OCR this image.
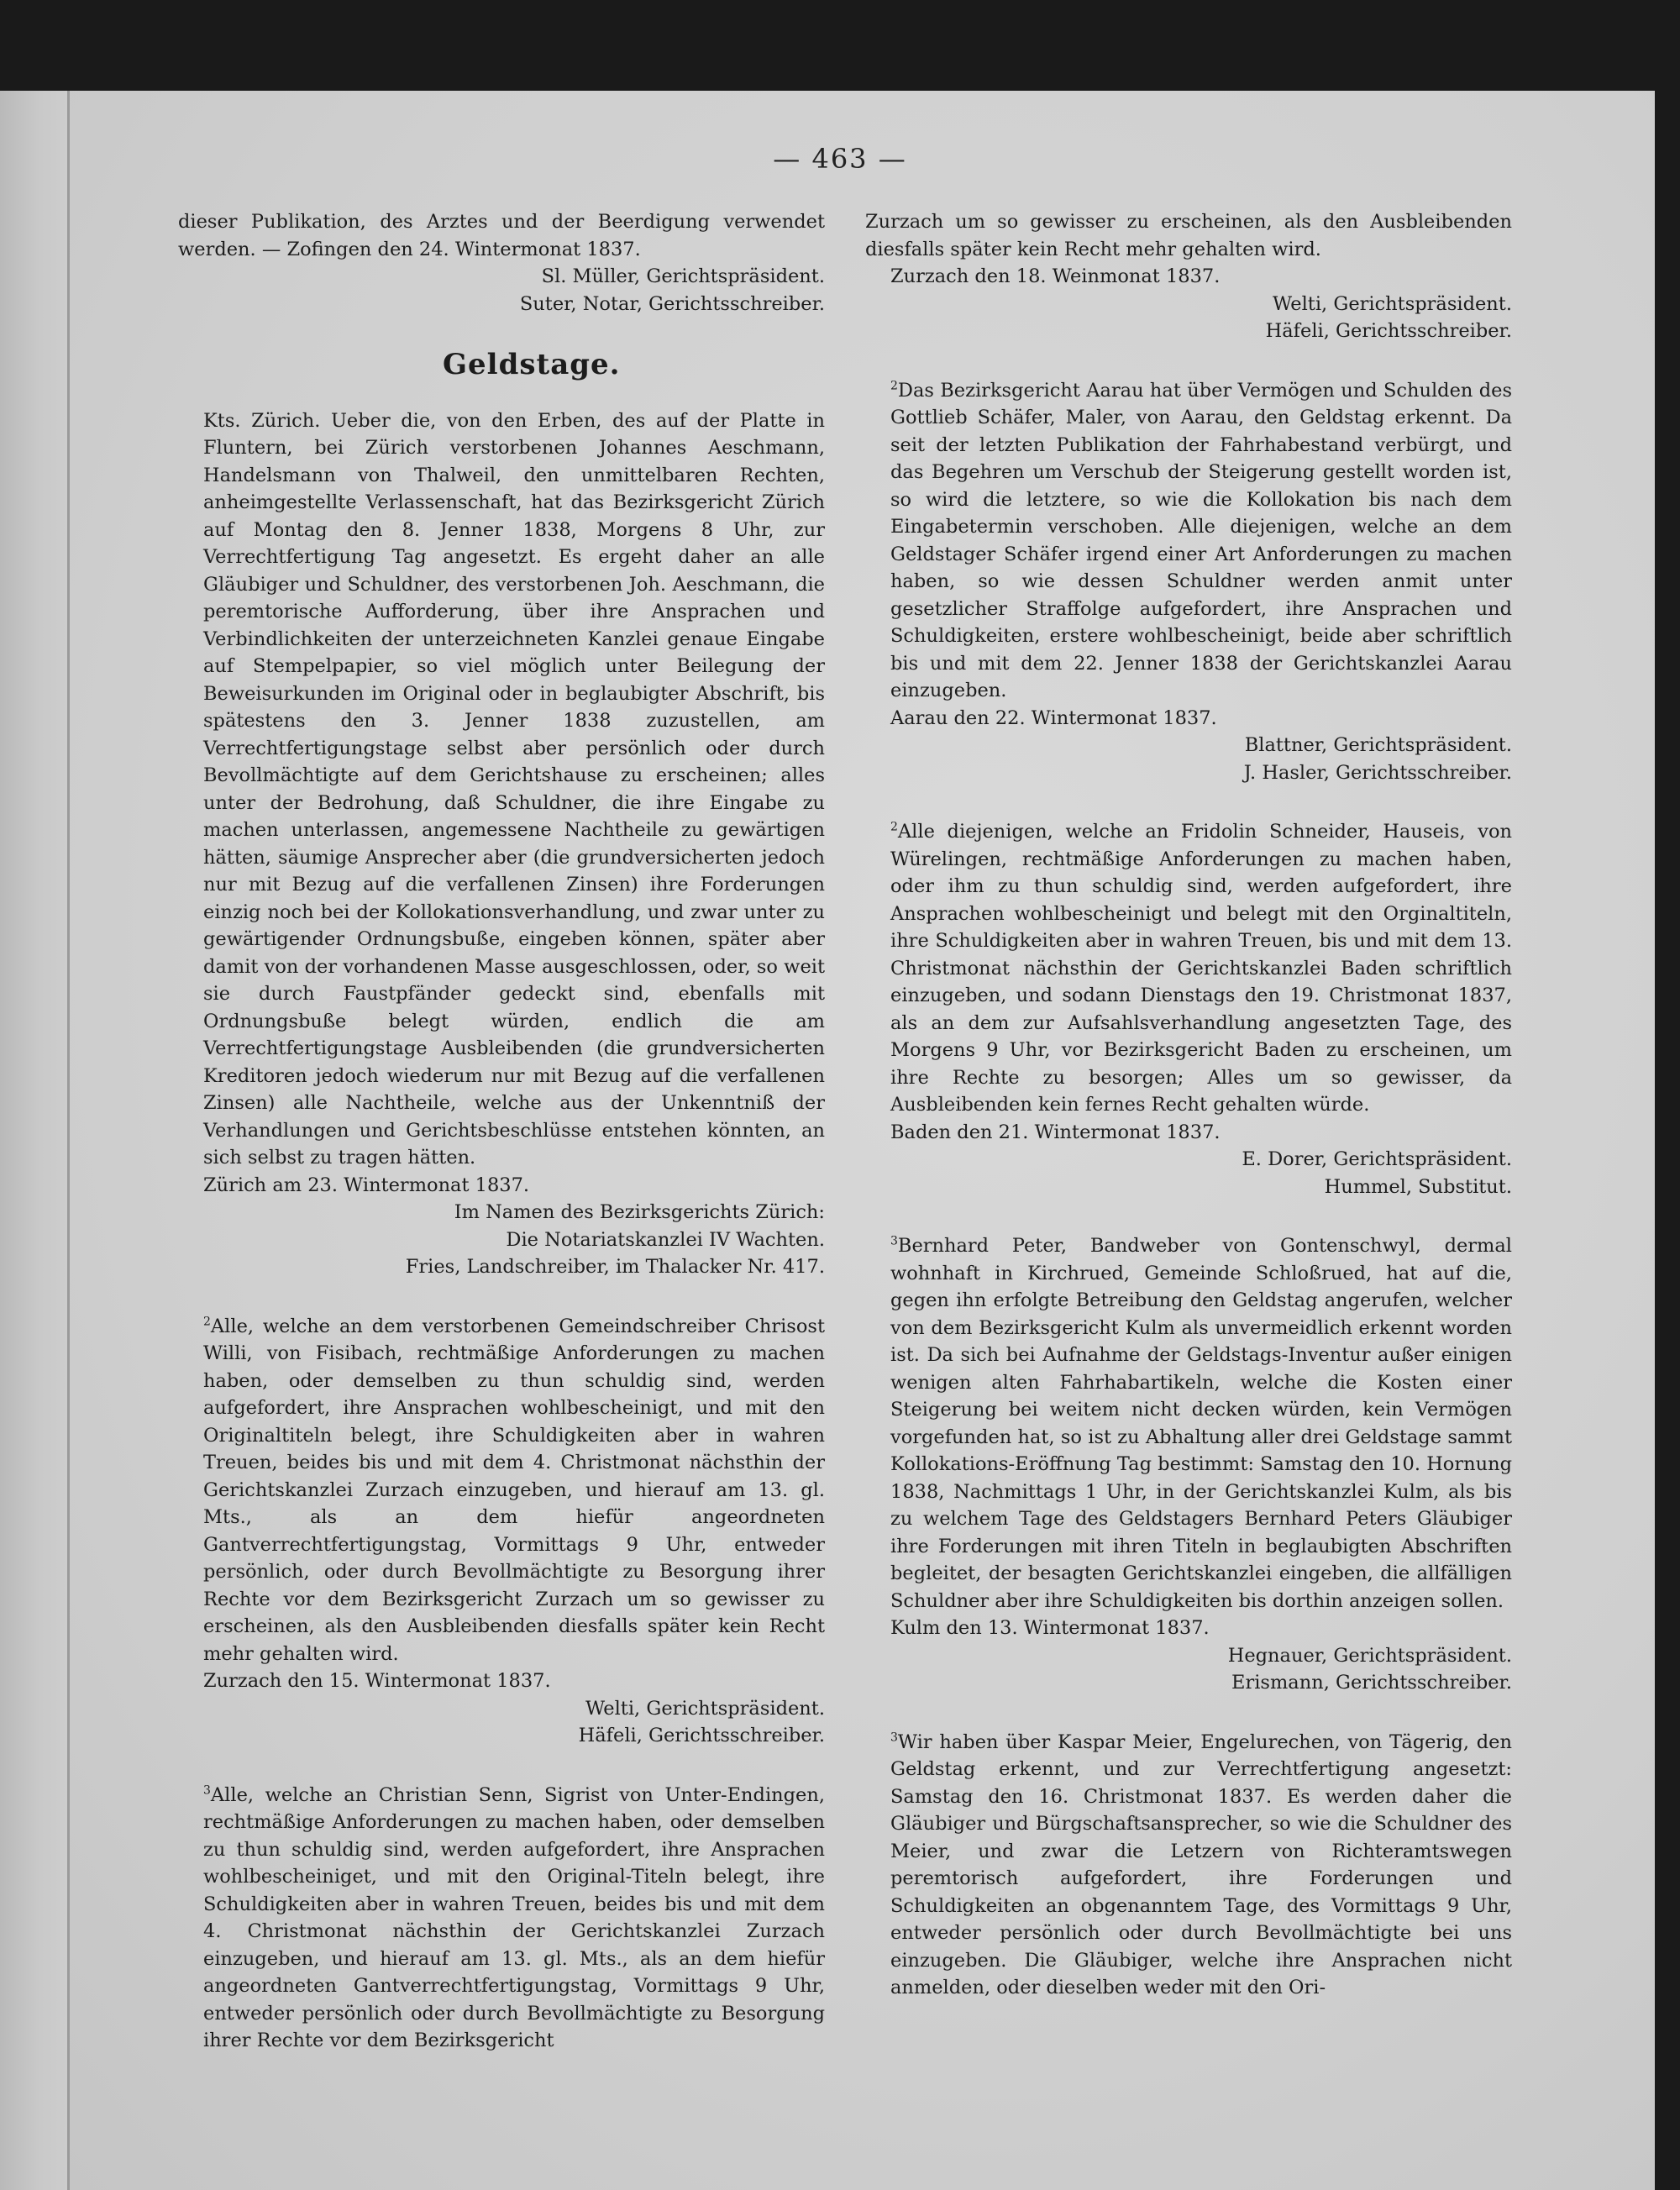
— 463 —

dieser Publikation, des Arztes und der Beerdigung verwendet werden. — Zofingen den 24. Wintermonat 1837.

Sl. Müller, Gerichtspräsident.

Suter, Notar, Gerichtsschreiber.

Geldstage.

Kts. Zürich. Ueber die, von den Erben, des auf der Platte in Fluntern, bei Zürich verstorbenen Johannes Aeschmann, Handelsmann von Thalweil, den unmittelbaren Rechten, anheimgestellte Verlassenschaft, hat das Bezirksgericht Zürich auf Montag den 8. Jenner 1838, Morgens 8 Uhr, zur Verrechtfertigung Tag angesetzt. Es ergeht daher an alle Gläubiger und Schuldner, des verstorbenen Joh. Aeschmann, die peremtorische Aufforderung, über ihre Ansprachen und Verbindlichkeiten der unterzeichneten Kanzlei genaue Eingabe auf Stempelpapier, so viel möglich unter Beilegung der Beweisurkunden im Original oder in beglaubigter Abschrift, bis spätestens den 3. Jenner 1838 zuzustellen, am Verrechtfertigungstage selbst aber persönlich oder durch Bevollmächtigte auf dem Gerichtshause zu erscheinen; alles unter der Bedrohung, daß Schuldner, die ihre Eingabe zu machen unterlassen, angemessene Nachtheile zu gewärtigen hätten, säumige Ansprecher aber (die grundversicherten jedoch nur mit Bezug auf die verfallenen Zinsen) ihre Forderungen einzig noch bei der Kollokationsverhandlung, und zwar unter zu gewärtigender Ordnungsbuße, eingeben können, später aber damit von der vorhandenen Masse ausgeschlossen, oder, so weit sie durch Faustpfänder gedeckt sind, ebenfalls mit Ordnungsbuße belegt würden, endlich die am Verrechtfertigungstage Ausbleibenden (die grundversicherten Kreditoren jedoch wiederum nur mit Bezug auf die verfallenen Zinsen) alle Nachtheile, welche aus der Unkenntniß der Verhandlungen und Gerichtsbeschlüsse entstehen könnten, an sich selbst zu tragen hätten.

Zürich am 23. Wintermonat 1837.

Im Namen des Bezirksgerichts Zürich:

Die Notariatskanzlei IV Wachten.

Fries, Landschreiber, im Thalacker Nr. 417.

$^2$Alle, welche an dem verstorbenen Gemeindschreiber Chrisost Willi, von Fisibach, rechtmäßige Anforderungen zu machen haben, oder demselben zu thun schuldig sind, werden aufgefordert, ihre Ansprachen wohlbescheinigt, und mit den Originaltiteln belegt, ihre Schuldigkeiten aber in wahren Treuen, beides bis und mit dem 4. Christmonat nächsthin der Gerichtskanzlei Zurzach einzugeben, und hierauf am 13. gl. Mts., als an dem hiefür angeordneten Gantverrechtfertigungstag, Vormittags 9 Uhr, entweder persönlich, oder durch Bevollmächtigte zu Besorgung ihrer Rechte vor dem Bezirksgericht Zurzach um so gewisser zu erscheinen, als den Ausbleibenden diesfalls später kein Recht mehr gehalten wird.

Zurzach den 15. Wintermonat 1837.

Welti, Gerichtspräsident.

Häfeli, Gerichtsschreiber.

$^3$Alle, welche an Christian Senn, Sigrist von Unter-Endingen, rechtmäßige Anforderungen zu machen haben, oder demselben zu thun schuldig sind, werden aufgefordert, ihre Ansprachen wohlbescheiniget, und mit den Original-Titeln belegt, ihre Schuldigkeiten aber in wahren Treuen, beides bis und mit dem 4. Christmonat nächsthin der Gerichtskanzlei Zurzach einzugeben, und hierauf am 13. gl. Mts., als an dem hiefür angeordneten Gantverrechtfertigungstag, Vormittags 9 Uhr, entweder persönlich oder durch Bevollmächtigte zu Besorgung ihrer Rechte vor dem Bezirksgericht

Zurzach um so gewisser zu erscheinen, als den Ausbleibenden diesfalls später kein Recht mehr gehalten wird.

Zurzach den 18. Weinmonat 1837.

Welti, Gerichtspräsident.

Häfeli, Gerichtsschreiber.

$^2$Das Bezirksgericht Aarau hat über Vermögen und Schulden des Gottlieb Schäfer, Maler, von Aarau, den Geldstag erkennt. Da seit der letzten Publikation der Fahrhabestand verbürgt, und das Begehren um Verschub der Steigerung gestellt worden ist, so wird die letztere, so wie die Kollokation bis nach dem Eingabetermin verschoben. Alle diejenigen, welche an dem Geldstager Schäfer irgend einer Art Anforderungen zu machen haben, so wie dessen Schuldner werden anmit unter gesetzlicher Straffolge aufgefordert, ihre Ansprachen und Schuldigkeiten, erstere wohlbescheinigt, beide aber schriftlich bis und mit dem 22. Jenner 1838 der Gerichtskanzlei Aarau einzugeben.

Aarau den 22. Wintermonat 1837.

Blattner, Gerichtspräsident.

J. Hasler, Gerichtsschreiber.

$^2$Alle diejenigen, welche an Fridolin Schneider, Hauseis, von Würelingen, rechtmäßige Anforderungen zu machen haben, oder ihm zu thun schuldig sind, werden aufgefordert, ihre Ansprachen wohlbescheinigt und belegt mit den Orginaltiteln, ihre Schuldigkeiten aber in wahren Treuen, bis und mit dem 13. Christmonat nächsthin der Gerichtskanzlei Baden schriftlich einzugeben, und sodann Dienstags den 19. Christmonat 1837, als an dem zur Aufsahlsverhandlung angesetzten Tage, des Morgens 9 Uhr, vor Bezirksgericht Baden zu erscheinen, um ihre Rechte zu besorgen; Alles um so gewisser, da Ausbleibenden kein fernes Recht gehalten würde.

Baden den 21. Wintermonat 1837.

E. Dorer, Gerichtspräsident.

Hummel, Substitut.

$^3$Bernhard Peter, Bandweber von Gontenschwyl, dermal wohnhaft in Kirchrued, Gemeinde Schloßrued, hat auf die, gegen ihn erfolgte Betreibung den Geldstag angerufen, welcher von dem Bezirksgericht Kulm als unvermeidlich erkennt worden ist. Da sich bei Aufnahme der Geldstags-Inventur außer einigen wenigen alten Fahrhabartikeln, welche die Kosten einer Steigerung bei weitem nicht decken würden, kein Vermögen vorgefunden hat, so ist zu Abhaltung aller drei Geldstage sammt Kollokations-Eröffnung Tag bestimmt: Samstag den 10. Hornung 1838, Nachmittags 1 Uhr, in der Gerichtskanzlei Kulm, als bis zu welchem Tage des Geldstagers Bernhard Peters Gläubiger ihre Forderungen mit ihren Titeln in beglaubigten Abschriften begleitet, der besagten Gerichtskanzlei eingeben, die allfälligen Schuldner aber ihre Schuldigkeiten bis dorthin anzeigen sollen.

Kulm den 13. Wintermonat 1837.

Hegnauer, Gerichtspräsident.

Erismann, Gerichtsschreiber.

$^3$Wir haben über Kaspar Meier, Engelurechen, von Tägerig, den Geldstag erkennt, und zur Verrechtfertigung angesetzt: Samstag den 16. Christmonat 1837. Es werden daher die Gläubiger und Bürgschaftsansprecher, so wie die Schuldner des Meier, und zwar die Letzern von Richteramtswegen peremtorisch aufgefordert, ihre Forderungen und Schuldigkeiten an obgenanntem Tage, des Vormittags 9 Uhr, entweder persönlich oder durch Bevollmächtigte bei uns einzugeben. Die Gläubiger, welche ihre Ansprachen nicht anmelden, oder dieselben weder mit den Ori-
